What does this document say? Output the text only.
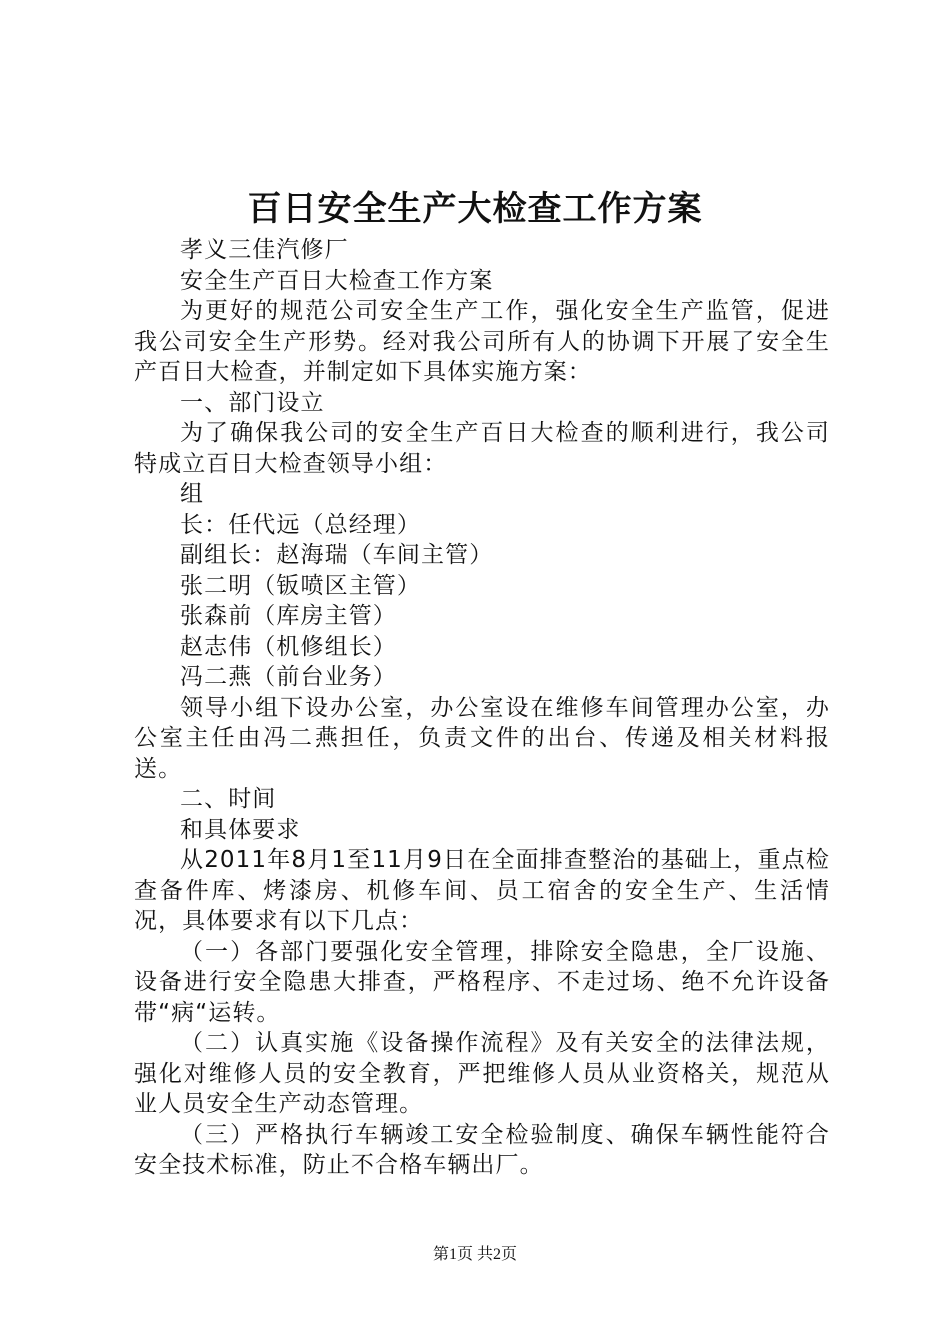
百日安全生产大检查工作方案

孝义三佳汽修厂

安全生产百日大检查工作方案

为更好的规范公司安全生产工作，强化安全生产监管，促进我公司安全生产形势。经对我公司所有人的协调下开展了安全生产百日大检查，并制定如下具体实施方案：

一、部门设立

为了确保我公司的安全生产百日大检查的顺利进行，我公司特成立百日大检查领导小组：

组

长：任代远（总经理）

副组长：赵海瑞（车间主管）

张二明（钣喷区主管）

张森前（库房主管）

赵志伟（机修组长）

冯二燕（前台业务）

领导小组下设办公室，办公室设在维修车间管理办公室，办公室主任由冯二燕担任，负责文件的出台、传递及相关材料报送。

二、时间

和具体要求

从2011年8月1至11月9日在全面排查整治的基础上，重点检查备件库、烤漆房、机修车间、员工宿舍的安全生产、生活情况，具体要求有以下几点：

（一）各部门要强化安全管理，排除安全隐患，全厂设施、设备进行安全隐患大排查，严格程序、不走过场、绝不允许设备带“病“运转。

（二）认真实施《设备操作流程》及有关安全的法律法规，强化对维修人员的安全教育，严把维修人员从业资格关，规范从业人员安全生产动态管理。

（三）严格执行车辆竣工安全检验制度、确保车辆性能符合安全技术标准，防止不合格车辆出厂。

第1页 共2页
